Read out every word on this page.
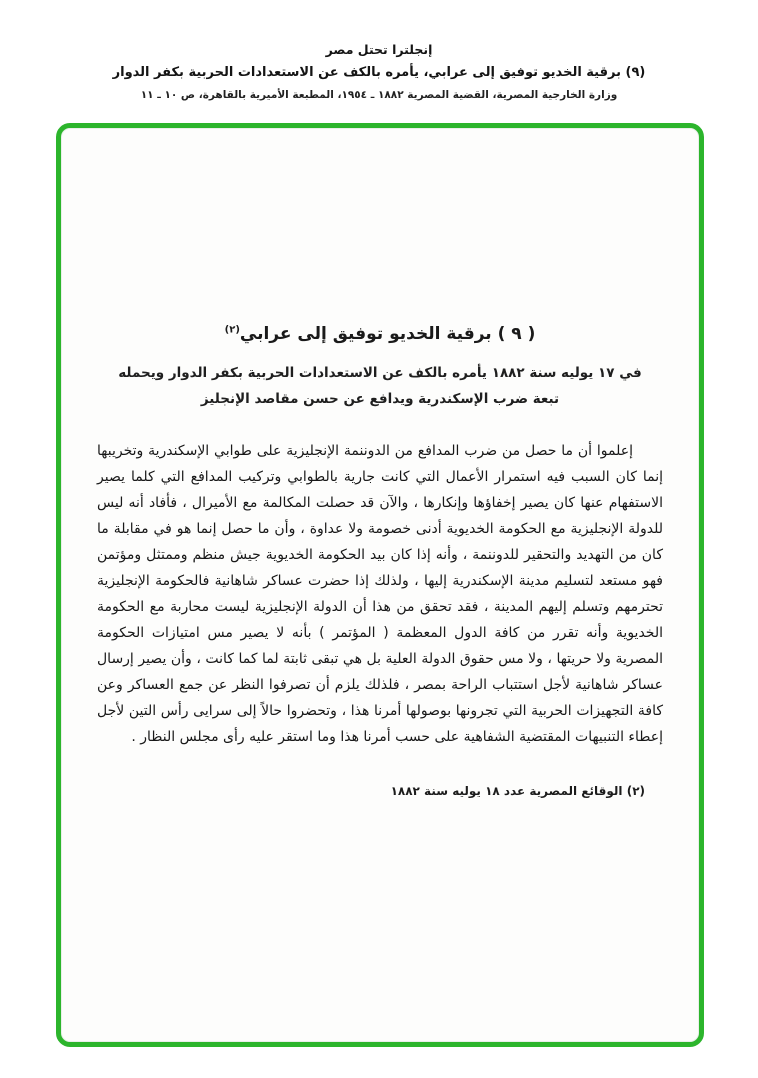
إنجلترا تحتل مصر
(٩) برقية الخديو توفيق إلى عرابي، يأمره بالكف عن الاستعدادات الحربية بكفر الدوار
وزارة الخارجية المصرية، القضية المصرية ١٨٨٢ ـ ١٩٥٤، المطبعة الأميرية بالقاهرة، ص ١٠ ـ ١١
( ٩ ) برقية الخديو توفيق إلى عرابي$^{(٢)}$
في ١٧ يوليه سنة ١٨٨٢ يأمره بالكف عن الاستعدادات الحربية بكفر الدوار ويحمله
تبعة ضرب الإسكندرية ويدافع عن حسن مقاصد الإنجليز
إعلموا أن ما حصل من ضرب المدافع من الدوننمة الإنجليزية على طوابي الإسكندرية وتخريبها إنما كان السبب فيه استمرار الأعمال التي كانت جارية بالطوابي وتركيب المدافع التي كلما يصير الاستفهام عنها كان يصير إخفاؤها وإنكارها ، والآن قد حصلت المكالمة مع الأميرال ، فأفاد أنه ليس للدولة الإنجليزية مع الحكومة الخديوية أدنى خصومة ولا عداوة ، وأن ما حصل إنما هو في مقابلة ما كان من التهديد والتحقير للدوننمة ، وأنه إذا كان بيد الحكومة الخديوية جيش منظم وممتثل ومؤتمن فهو مستعد لتسليم مدينة الإسكندرية إليها ، ولذلك إذا حضرت عساكر شاهانية فالحكومة الإنجليزية تحترمهم وتسلم إليهم المدينة ، فقد تحقق من هذا أن الدولة الإنجليزية ليست محاربة مع الحكومة الخديوية وأنه تقرر من كافة الدول المعظمة ( المؤتمر ) بأنه لا يصير مس امتيازات الحكومة المصرية ولا حريتها ، ولا مس حقوق الدولة العلية بل هي تبقى ثابتة لما كما كانت ، وأن يصير إرسال عساكر شاهانية لأجل استتباب الراحة بمصر ، فلذلك يلزم أن تصرفوا النظر عن جمع العساكر وعن كافة التجهيزات الحربية التي تجرونها بوصولها أمرنا هذا ، وتحضروا حالاً إلى سرايى رأس التين لأجل إعطاء التنبيهات المقتضية الشفاهية على حسب أمرنا هذا وما استقر عليه رأى مجلس النظار .
(٢) الوقائع المصرية عدد ١٨ يوليه سنة ١٨٨٢
